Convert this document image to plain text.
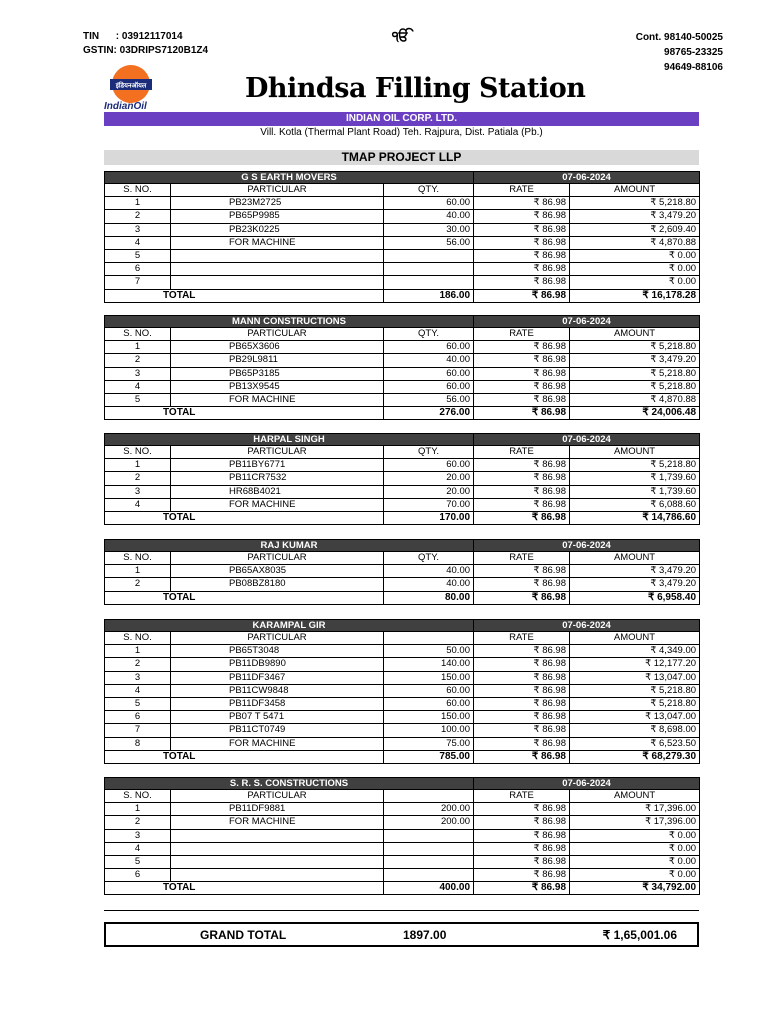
TIN      : 03912117014
GSTIN: 03DRIPS7120B1Z4
ੴ	Cont. 98140-50025
98765-23325
94649-88106
इंडियनऑयल
IndianOil
Dhindsa Filling Station
INDIAN OIL CORP. LTD.
Vill. Kotla (Thermal Plant Road) Teh. Rajpura, Dist. Patiala (Pb.)
TMAP PROJECT LLP
G S EARTH MOVERS			07-06-2024	
S. NO.	PARTICULAR	QTY.	RATE	AMOUNT
1	PB23M2725	60.00	₹ 86.98	₹ 5,218.80
2	PB65P9985	40.00	₹ 86.98	₹ 3,479.20
3	PB23K0225	30.00	₹ 86.98	₹ 2,609.40
4	FOR MACHINE	56.00	₹ 86.98	₹ 4,870.88
5			₹ 86.98	₹ 0.00
6			₹ 86.98	₹ 0.00
7			₹ 86.98	₹ 0.00
TOTAL		186.00	₹ 86.98	₹ 16,178.28
MANN CONSTRUCTIONS			07-06-2024	
S. NO.	PARTICULAR	QTY.	RATE	AMOUNT
1	PB65X3606	60.00	₹ 86.98	₹ 5,218.80
2	PB29L9811	40.00	₹ 86.98	₹ 3,479.20
3	PB65P3185	60.00	₹ 86.98	₹ 5,218.80
4	PB13X9545	60.00	₹ 86.98	₹ 5,218.80
5	FOR MACHINE	56.00	₹ 86.98	₹ 4,870.88
TOTAL		276.00	₹ 86.98	₹ 24,006.48
HARPAL SINGH			07-06-2024	
S. NO.	PARTICULAR	QTY.	RATE	AMOUNT
1	PB11BY6771	60.00	₹ 86.98	₹ 5,218.80
2	PB11CR7532	20.00	₹ 86.98	₹ 1,739.60
3	HR68B4021	20.00	₹ 86.98	₹ 1,739.60
4	FOR MACHINE	70.00	₹ 86.98	₹ 6,088.60
TOTAL		170.00	₹ 86.98	₹ 14,786.60
RAJ KUMAR			07-06-2024	
S. NO.	PARTICULAR	QTY.	RATE	AMOUNT
1	PB65AX8035	40.00	₹ 86.98	₹ 3,479.20
2	PB08BZ8180	40.00	₹ 86.98	₹ 3,479.20
TOTAL		80.00	₹ 86.98	₹ 6,958.40
KARAMPAL GIR			07-06-2024	
S. NO.	PARTICULAR		RATE	AMOUNT
1	PB65T3048	50.00	₹ 86.98	₹ 4,349.00
2	PB11DB9890	140.00	₹ 86.98	₹ 12,177.20
3	PB11DF3467	150.00	₹ 86.98	₹ 13,047.00
4	PB11CW9848	60.00	₹ 86.98	₹ 5,218.80
5	PB11DF3458	60.00	₹ 86.98	₹ 5,218.80
6	PB07 T 5471	150.00	₹ 86.98	₹ 13,047.00
7	PB11CT0749	100.00	₹ 86.98	₹ 8,698.00
8	FOR MACHINE	75.00	₹ 86.98	₹ 6,523.50
TOTAL		785.00	₹ 86.98	₹ 68,279.30
S. R. S. CONSTRUCTIONS			07-06-2024	
S. NO.	PARTICULAR		RATE	AMOUNT
1	PB11DF9881	200.00	₹ 86.98	₹ 17,396.00
2	FOR MACHINE	200.00	₹ 86.98	₹ 17,396.00
3			₹ 86.98	₹ 0.00
4			₹ 86.98	₹ 0.00
5			₹ 86.98	₹ 0.00
6			₹ 86.98	₹ 0.00
TOTAL		400.00	₹ 86.98	₹ 34,792.00
GRAND TOTAL	1897.00	₹ 1,65,001.06
